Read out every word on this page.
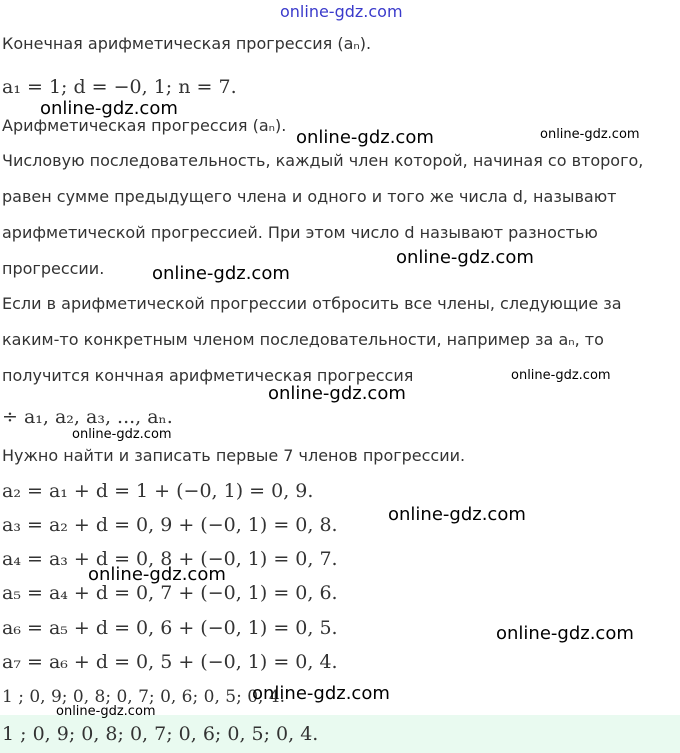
online-gdz.com
Конечная арифметическая прогрессия (aₙ).
a₁ = 1; d = −0, 1; n = 7.
Арифметическая прогрессия (aₙ).
Числовую последовательность, каждый член которой, начиная со второго,
равен сумме предыдущего члена и одного и того же числа d, называют
арифметической прогрессией. При этом число d называют разностью
прогрессии.
Если в арифметической прогрессии отбросить все члены, следующие за
каким-то конкретным членом последовательности, например за aₙ, то
получится кончная арифметическая прогрессия
÷ a₁, a₂, a₃, ..., aₙ.
Нужно найти и записать первые 7 членов прогрессии.
a₂ = a₁ + d = 1 + (−0, 1) = 0, 9.
a₃ = a₂ + d = 0, 9 + (−0, 1) = 0, 8.
a₄ = a₃ + d = 0, 8 + (−0, 1) = 0, 7.
a₅ = a₄ + d = 0, 7 + (−0, 1) = 0, 6.
a₆ = a₅ + d = 0, 6 + (−0, 1) = 0, 5.
a₇ = a₆ + d = 0, 5 + (−0, 1) = 0, 4.
1 ; 0, 9; 0, 8; 0, 7; 0, 6; 0, 5; 0, 4.
1 ; 0, 9; 0, 8; 0, 7; 0, 6; 0, 5; 0, 4.
online-gdz.com
online-gdz.com	online-gdz.com
online-gdz.com
online-gdz.com
online-gdz.com
online-gdz.com
online-gdz.com
online-gdz.com
online-gdz.com
online-gdz.com
online-gdz.com
online-gdz.com
